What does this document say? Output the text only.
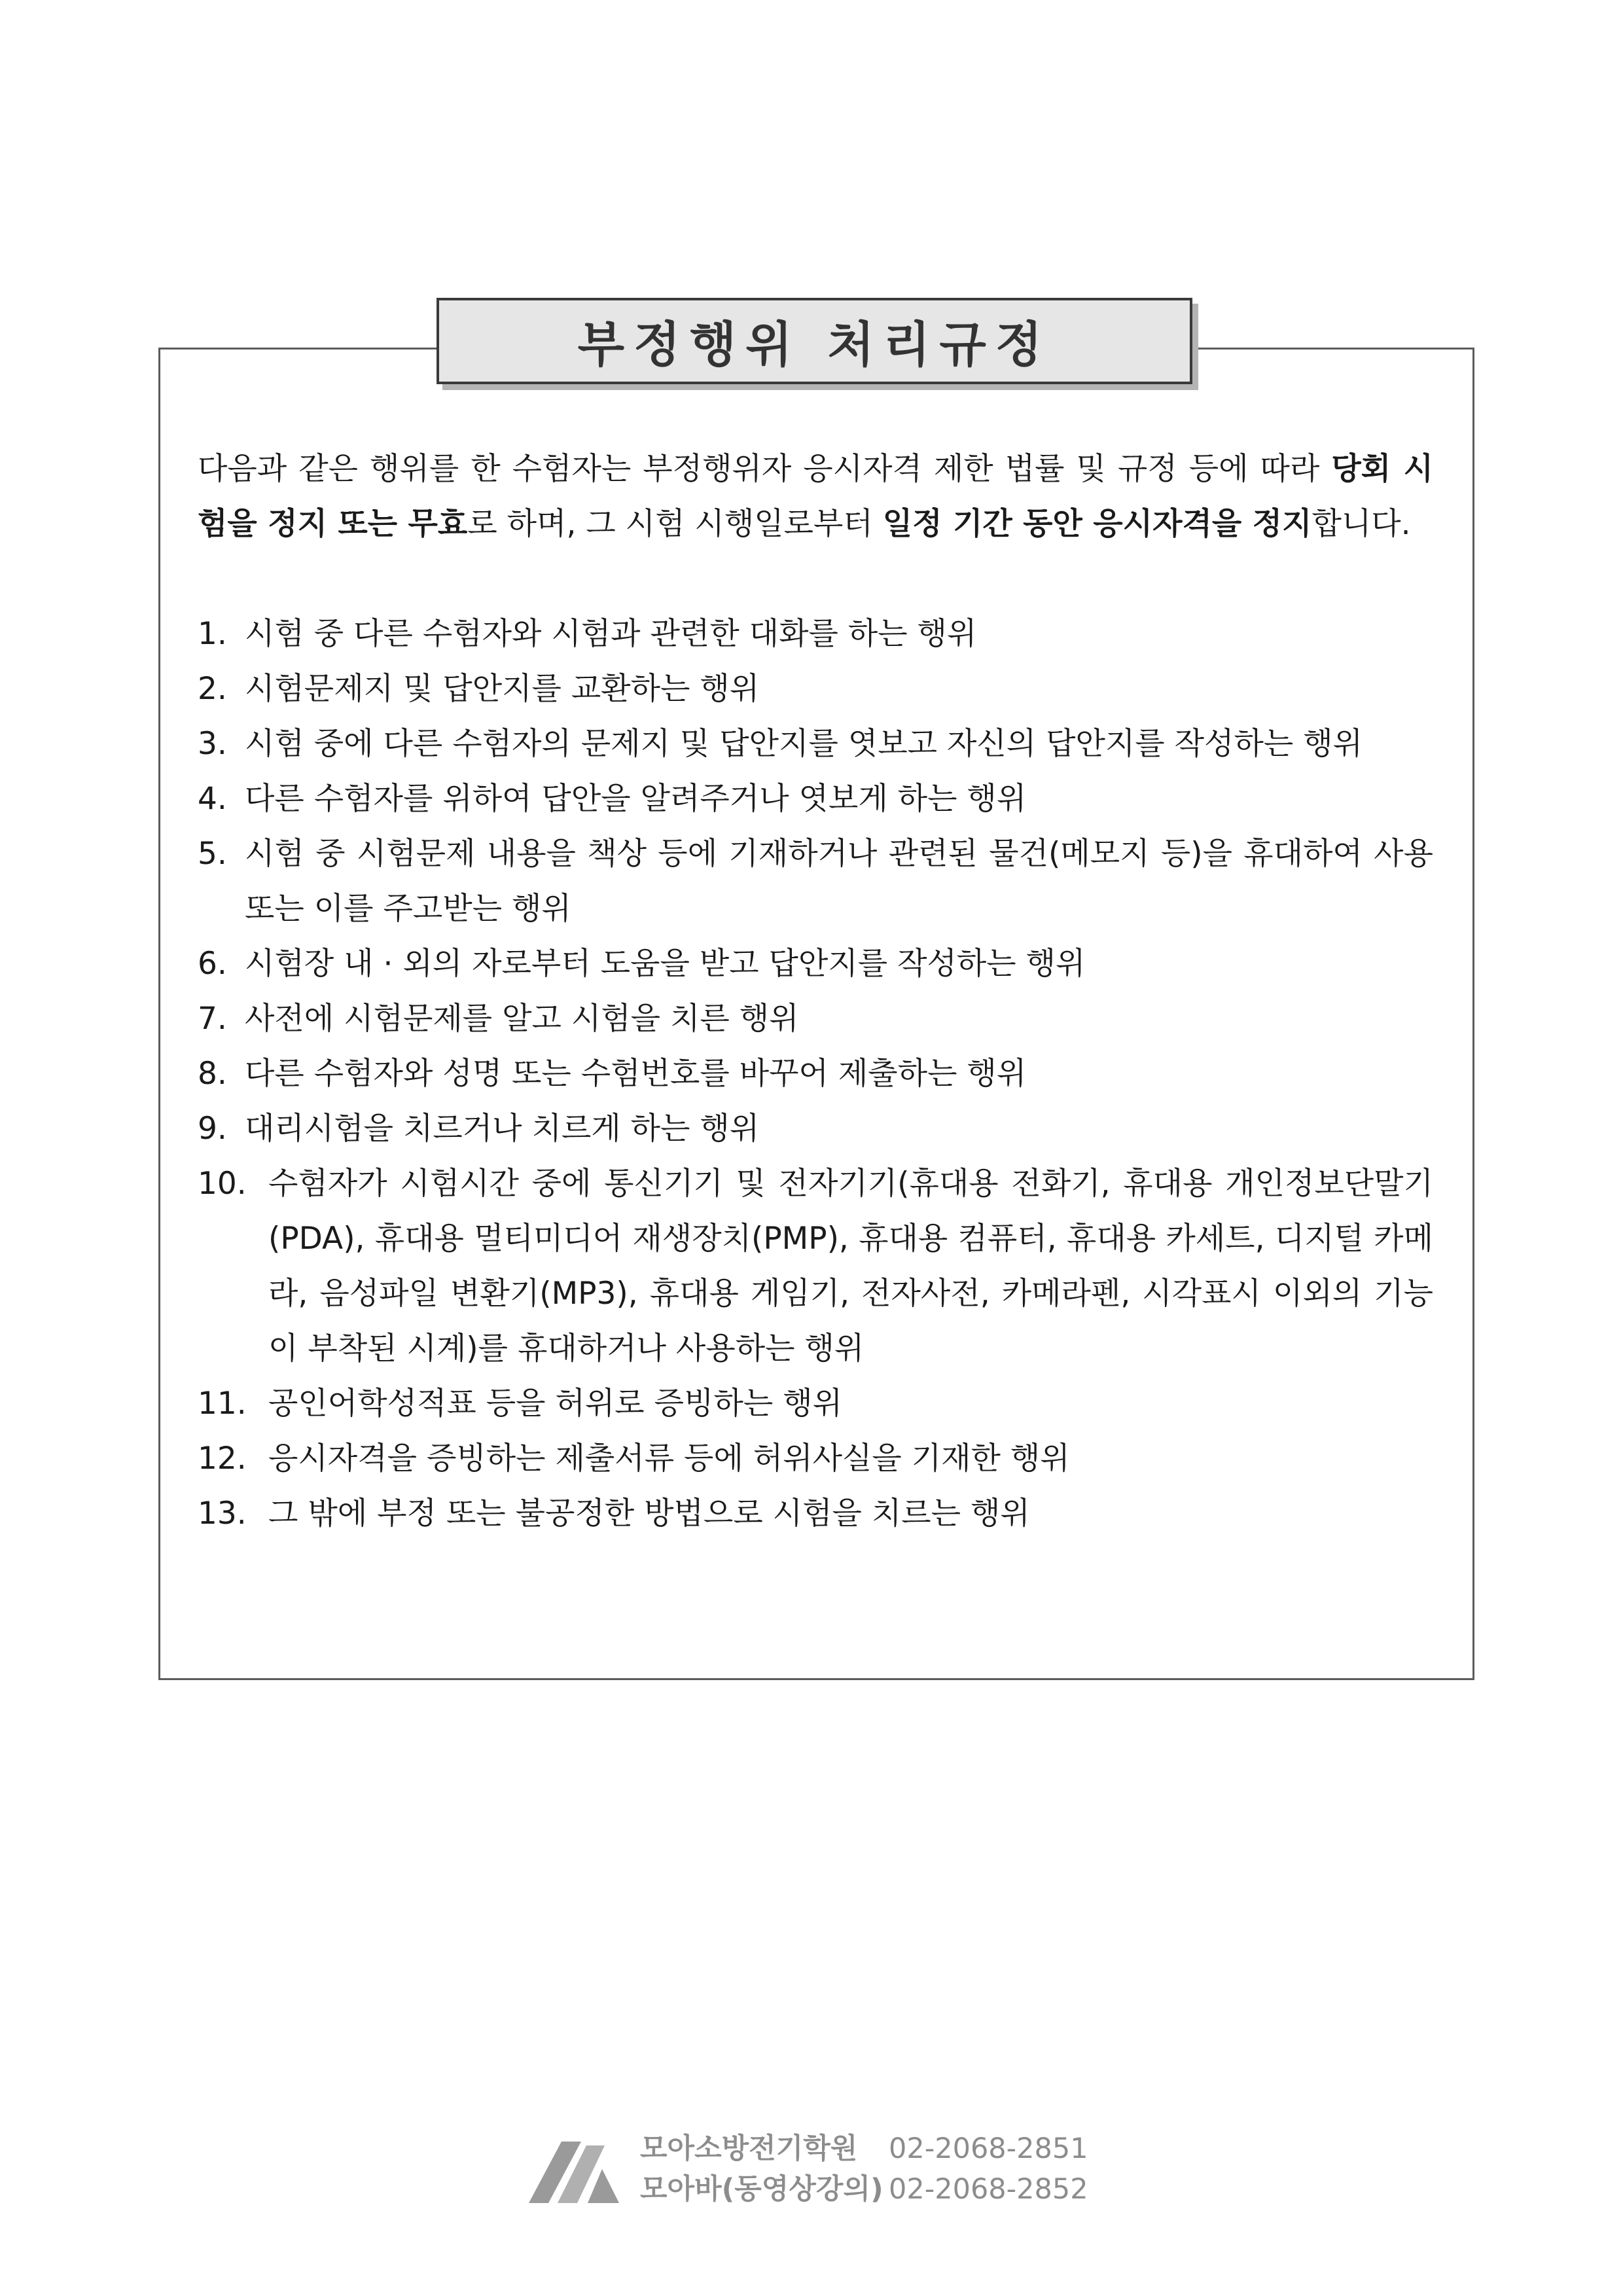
부정행위 처리규정

다음과 같은 행위를 한 수험자는 부정행위자 응시자격 제한 법률 및 규정 등에 따라 당회 시험을 정지 또는 무효로 하며, 그 시험 시행일로부터 일정 기간 동안 응시자격을 정지합니다.

1. 시험 중 다른 수험자와 시험과 관련한 대화를 하는 행위
2. 시험문제지 및 답안지를 교환하는 행위
3. 시험 중에 다른 수험자의 문제지 및 답안지를 엿보고 자신의 답안지를 작성하는 행위
4. 다른 수험자를 위하여 답안을 알려주거나 엿보게 하는 행위
5. 시험 중 시험문제 내용을 책상 등에 기재하거나 관련된 물건(메모지 등)을 휴대하여 사용 또는 이를 주고받는 행위
6. 시험장 내 · 외의 자로부터 도움을 받고 답안지를 작성하는 행위
7. 사전에 시험문제를 알고 시험을 치른 행위
8. 다른 수험자와 성명 또는 수험번호를 바꾸어 제출하는 행위
9. 대리시험을 치르거나 치르게 하는 행위
10. 수험자가 시험시간 중에 통신기기 및 전자기기(휴대용 전화기, 휴대용 개인정보단말기(PDA), 휴대용 멀티미디어 재생장치(PMP), 휴대용 컴퓨터, 휴대용 카세트, 디지털 카메라, 음성파일 변환기(MP3), 휴대용 게임기, 전자사전, 카메라펜, 시각표시 이외의 기능이 부착된 시계)를 휴대하거나 사용하는 행위
11. 공인어학성적표 등을 허위로 증빙하는 행위
12. 응시자격을 증빙하는 제출서류 등에 허위사실을 기재한 행위
13. 그 밖에 부정 또는 불공정한 방법으로 시험을 치르는 행위
모아소방전기학원 02-2068-2851
모아바(동영상강의) 02-2068-2852
